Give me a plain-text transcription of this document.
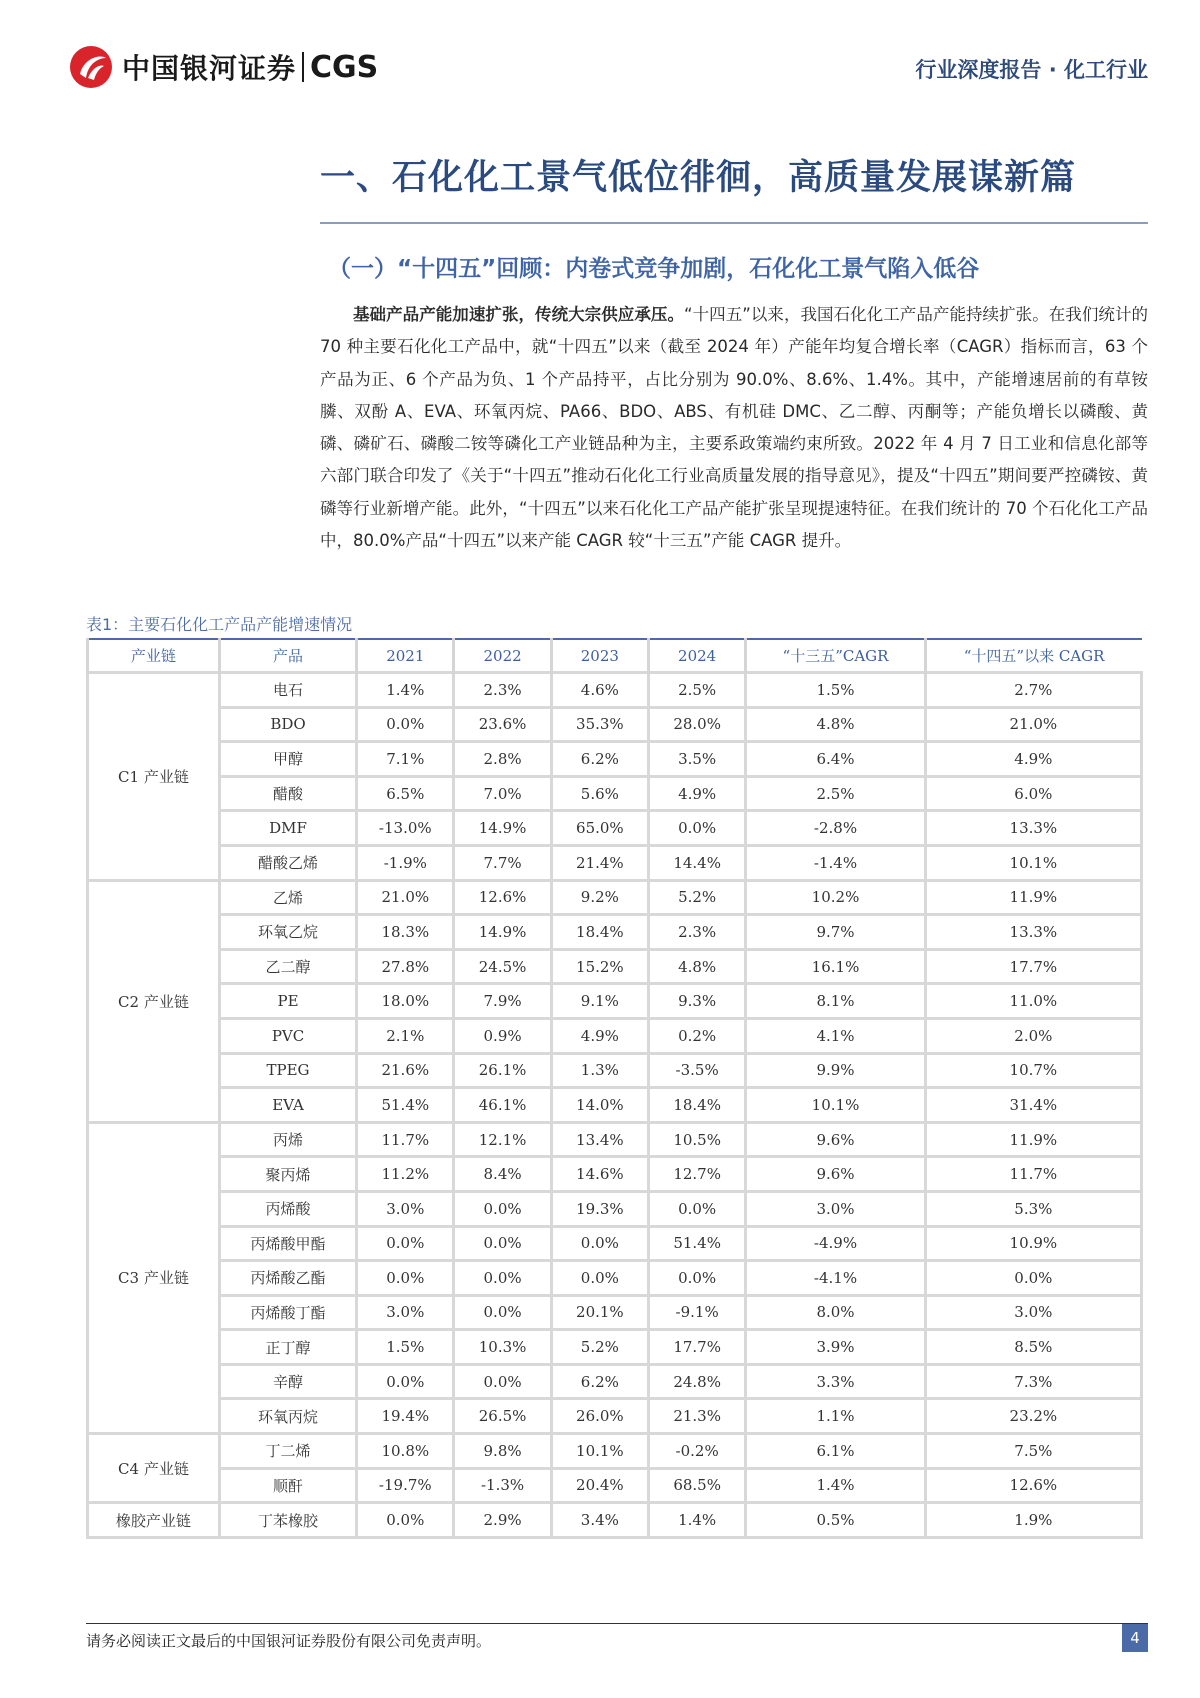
中国银河证券 CGS	行业深度报告 · 化工行业
一、石化化工景气低位徘徊，高质量发展谋新篇
（一）“十四五”回顾：内卷式竞争加剧，石化化工景气陷入低谷
基础产品产能加速扩张，传统大宗供应承压。“十四五”以来，我国石化化工产品产能持续扩张。在我们统计的 70 种主要石化化工产品中，就“十四五”以来（截至 2024 年）产能年均复合增长率（CAGR）指标而言，63 个产品为正、6 个产品为负、1 个产品持平，占比分别为 90.0%、8.6%、1.4%。其中，产能增速居前的有草铵膦、双酚 A、EVA、环氧丙烷、PA66、BDO、ABS、有机硅 DMC、乙二醇、丙酮等；产能负增长以磷酸、黄磷、磷矿石、磷酸二铵等磷化工产业链品种为主，主要系政策端约束所致。2022 年 4 月 7 日工业和信息化部等六部门联合印发了《关于“十四五”推动石化化工行业高质量发展的指导意见》，提及“十四五”期间要严控磷铵、黄磷等行业新增产能。此外，“十四五”以来石化化工产品产能扩张呈现提速特征。在我们统计的 70 个石化化工产品中，80.0%产品“十四五”以来产能 CAGR 较“十三五”产能 CAGR 提升。
表1：主要石化化工产品产能增速情况
产业链	产品	2021	2022	2023	2024	“十三五”CAGR	“十四五”以来 CAGR
C1 产业链	电石	1.4%	2.3%	4.6%	2.5%	1.5%	2.7%
	BDO	0.0%	23.6%	35.3%	28.0%	4.8%	21.0%
	甲醇	7.1%	2.8%	6.2%	3.5%	6.4%	4.9%
	醋酸	6.5%	7.0%	5.6%	4.9%	2.5%	6.0%
	DMF	-13.0%	14.9%	65.0%	0.0%	-2.8%	13.3%
	醋酸乙烯	-1.9%	7.7%	21.4%	14.4%	-1.4%	10.1%
C2 产业链	乙烯	21.0%	12.6%	9.2%	5.2%	10.2%	11.9%
	环氧乙烷	18.3%	14.9%	18.4%	2.3%	9.7%	13.3%
	乙二醇	27.8%	24.5%	15.2%	4.8%	16.1%	17.7%
	PE	18.0%	7.9%	9.1%	9.3%	8.1%	11.0%
	PVC	2.1%	0.9%	4.9%	0.2%	4.1%	2.0%
	TPEG	21.6%	26.1%	1.3%	-3.5%	9.9%	10.7%
	EVA	51.4%	46.1%	14.0%	18.4%	10.1%	31.4%
C3 产业链	丙烯	11.7%	12.1%	13.4%	10.5%	9.6%	11.9%
	聚丙烯	11.2%	8.4%	14.6%	12.7%	9.6%	11.7%
	丙烯酸	3.0%	0.0%	19.3%	0.0%	3.0%	5.3%
	丙烯酸甲酯	0.0%	0.0%	0.0%	51.4%	-4.9%	10.9%
	丙烯酸乙酯	0.0%	0.0%	0.0%	0.0%	-4.1%	0.0%
	丙烯酸丁酯	3.0%	0.0%	20.1%	-9.1%	8.0%	3.0%
	正丁醇	1.5%	10.3%	5.2%	17.7%	3.9%	8.5%
	辛醇	0.0%	0.0%	6.2%	24.8%	3.3%	7.3%
	环氧丙烷	19.4%	26.5%	26.0%	21.3%	1.1%	23.2%
C4 产业链	丁二烯	10.8%	9.8%	10.1%	-0.2%	6.1%	7.5%
	顺酐	-19.7%	-1.3%	20.4%	68.5%	1.4%	12.6%
橡胶产业链	丁苯橡胶	0.0%	2.9%	3.4%	1.4%	0.5%	1.9%
请务必阅读正文最后的中国银河证券股份有限公司免责声明。	4
